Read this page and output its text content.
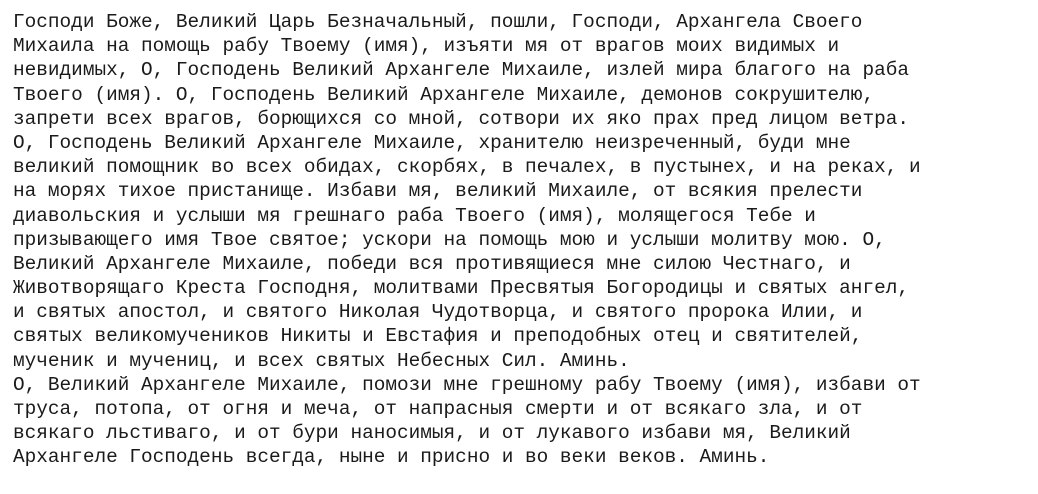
Господи Боже, Великий Царь Безначальный, пошли, Господи, Архангела Своего
Михаила на помощь рабу Твоему (имя), изъяти мя от врагов моих видимых и
невидимых, О, Господень Великий Архангеле Михаиле, излей мира благого на раба
Твоего (имя). О, Господень Великий Архангеле Михаиле, демонов сокрушителю,
запрети всех врагов, борющихся со мной, сотвори их яко прах пред лицом ветра.
О, Господень Великий Архангеле Михаиле, хранителю неизреченный, буди мне
великий помощник во всех обидах, скорбях, в печалех, в пустынех, и на реках, и
на морях тихое пристанище. Избави мя, великий Михаиле, от всякия прелести
диавольския и услыши мя грешнаго раба Твоего (имя), молящегося Тебе и
призывающего имя Твое святое; ускори на помощь мою и услыши молитву мою. О,
Великий Архангеле Михаиле, победи вся противящиеся мне силою Честнаго, и
Животворящаго Креста Господня, молитвами Пресвятыя Богородицы и святых ангел,
и святых апостол, и святого Николая Чудотворца, и святого пророка Илии, и
святых великомучеников Никиты и Евстафия и преподобных отец и святителей,
мученик и мучениц, и всех святых Небесных Сил. Аминь.
О, Великий Архангеле Михаиле, помози мне грешному рабу Твоему (имя), избави от
труса, потопа, от огня и меча, от напрасныя смерти и от всякаго зла, и от
всякаго льстиваго, и от бури наносимыя, и от лукавого избави мя, Великий
Архангеле Господень всегда, ныне и присно и во веки веков. Аминь.
